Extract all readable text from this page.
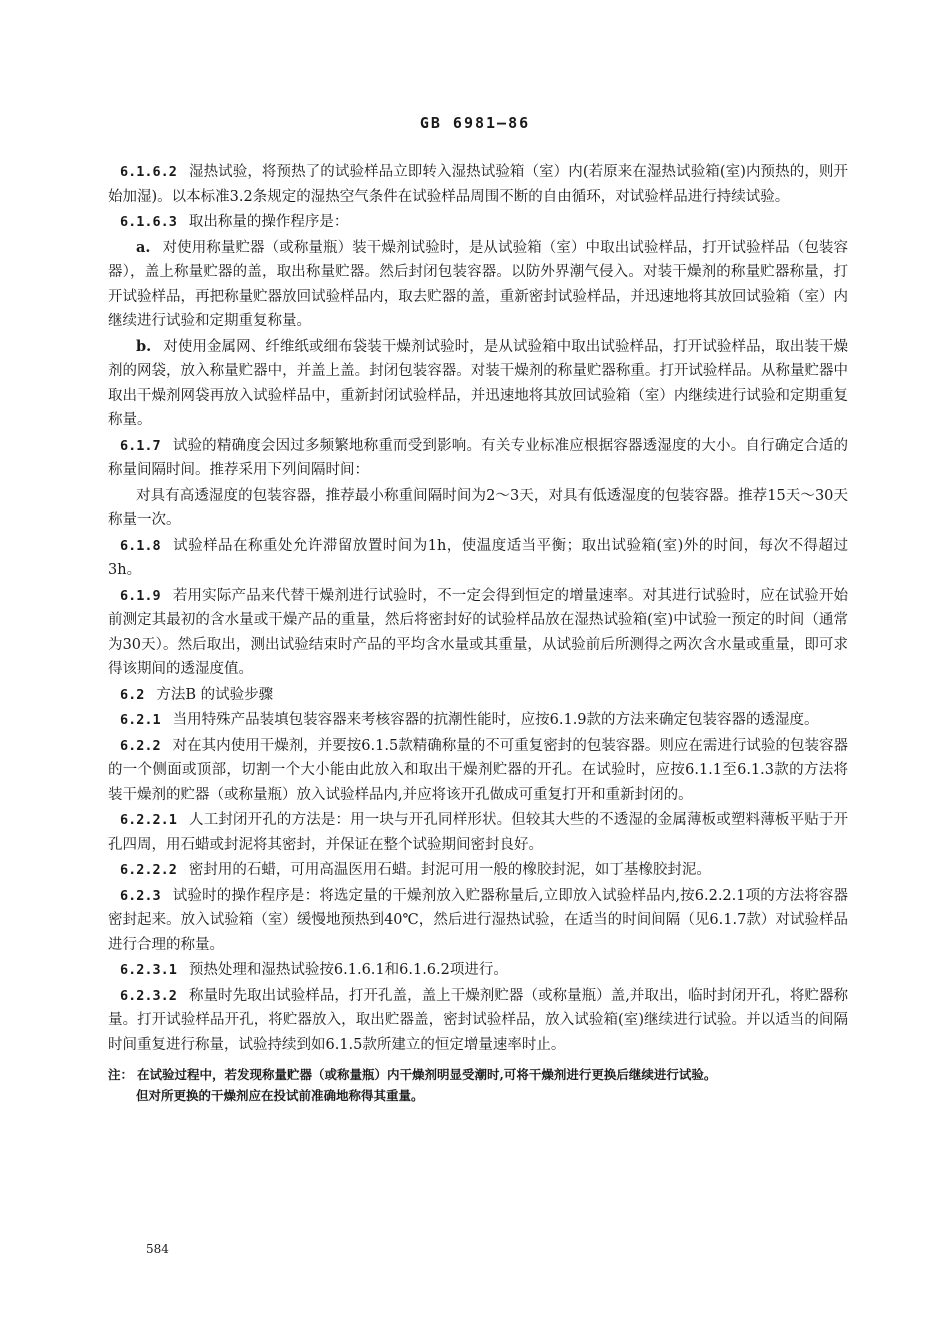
GB 6981—86

6.1.6.2 湿热试验，将预热了的试验样品立即转入湿热试验箱（室）内(若原来在湿热试验箱(室)内预热的，则开始加湿)。以本标准3.2条规定的湿热空气条件在试验样品周围不断的自由循环，对试验样品进行持续试验。

6.1.6.3 取出称量的操作程序是：

a. 对使用称量贮器（或称量瓶）装干燥剂试验时，是从试验箱（室）中取出试验样品，打开试验样品（包装容器），盖上称量贮器的盖，取出称量贮器。然后封闭包装容器。以防外界潮气侵入。对装干燥剂的称量贮器称量，打开试验样品，再把称量贮器放回试验样品内，取去贮器的盖，重新密封试验样品，并迅速地将其放回试验箱（室）内继续进行试验和定期重复称量。

b. 对使用金属网、纤维纸或细布袋装干燥剂试验时，是从试验箱中取出试验样品，打开试验样品，取出装干燥剂的网袋，放入称量贮器中，并盖上盖。封闭包装容器。对装干燥剂的称量贮器称重。打开试验样品。从称量贮器中取出干燥剂网袋再放入试验样品中，重新封闭试验样品，并迅速地将其放回试验箱（室）内继续进行试验和定期重复称量。

6.1.7 试验的精确度会因过多频繁地称重而受到影响。有关专业标准应根据容器透湿度的大小。自行确定合适的称量间隔时间。推荐采用下列间隔时间：

对具有高透湿度的包装容器，推荐最小称重间隔时间为2～3天，对具有低透湿度的包装容器。推荐15天～30天称量一次。

6.1.8 试验样品在称重处允许滞留放置时间为1h，使温度适当平衡；取出试验箱(室)外的时间，每次不得超过3h。

6.1.9 若用实际产品来代替干燥剂进行试验时，不一定会得到恒定的增量速率。对其进行试验时，应在试验开始前测定其最初的含水量或干燥产品的重量，然后将密封好的试验样品放在湿热试验箱(室)中试验一预定的时间（通常为30天）。然后取出，测出试验结束时产品的平均含水量或其重量，从试验前后所测得之两次含水量或重量，即可求得该期间的透湿度值。

6.2 方法B 的试验步骤

6.2.1 当用特殊产品装填包装容器来考核容器的抗潮性能时，应按6.1.9款的方法来确定包装容器的透湿度。

6.2.2 对在其内使用干燥剂，并要按6.1.5款精确称量的不可重复密封的包装容器。则应在需进行试验的包装容器的一个侧面或顶部，切割一个大小能由此放入和取出干燥剂贮器的开孔。在试验时，应按6.1.1至6.1.3款的方法将装干燥剂的贮器（或称量瓶）放入试验样品内,并应将该开孔做成可重复打开和重新封闭的。

6.2.2.1 人工封闭开孔的方法是：用一块与开孔同样形状。但较其大些的不透湿的金属薄板或塑料薄板平贴于开孔四周，用石蜡或封泥将其密封，并保证在整个试验期间密封良好。

6.2.2.2 密封用的石蜡，可用高温医用石蜡。封泥可用一般的橡胶封泥，如丁基橡胶封泥。

6.2.3 试验时的操作程序是：将选定量的干燥剂放入贮器称量后,立即放入试验样品内,按6.2.2.1项的方法将容器密封起来。放入试验箱（室）缓慢地预热到40℃，然后进行湿热试验，在适当的时间间隔（见6.1.7款）对试验样品进行合理的称量。

6.2.3.1 预热处理和湿热试验按6.1.6.1和6.1.6.2项进行。

6.2.3.2 称量时先取出试验样品，打开孔盖，盖上干燥剂贮器（或称量瓶）盖,并取出，临时封闭开孔，将贮器称量。打开试验样品开孔，将贮器放入，取出贮器盖，密封试验样品，放入试验箱(室)继续进行试验。并以适当的间隔时间重复进行称量，试验持续到如6.1.5款所建立的恒定增量速率时止。

注： 在试验过程中，若发现称量贮器（或称量瓶）内干燥剂明显受潮时,可将干燥剂进行更换后继续进行试验。

但对所更换的干燥剂应在投试前准确地称得其重量。
584
